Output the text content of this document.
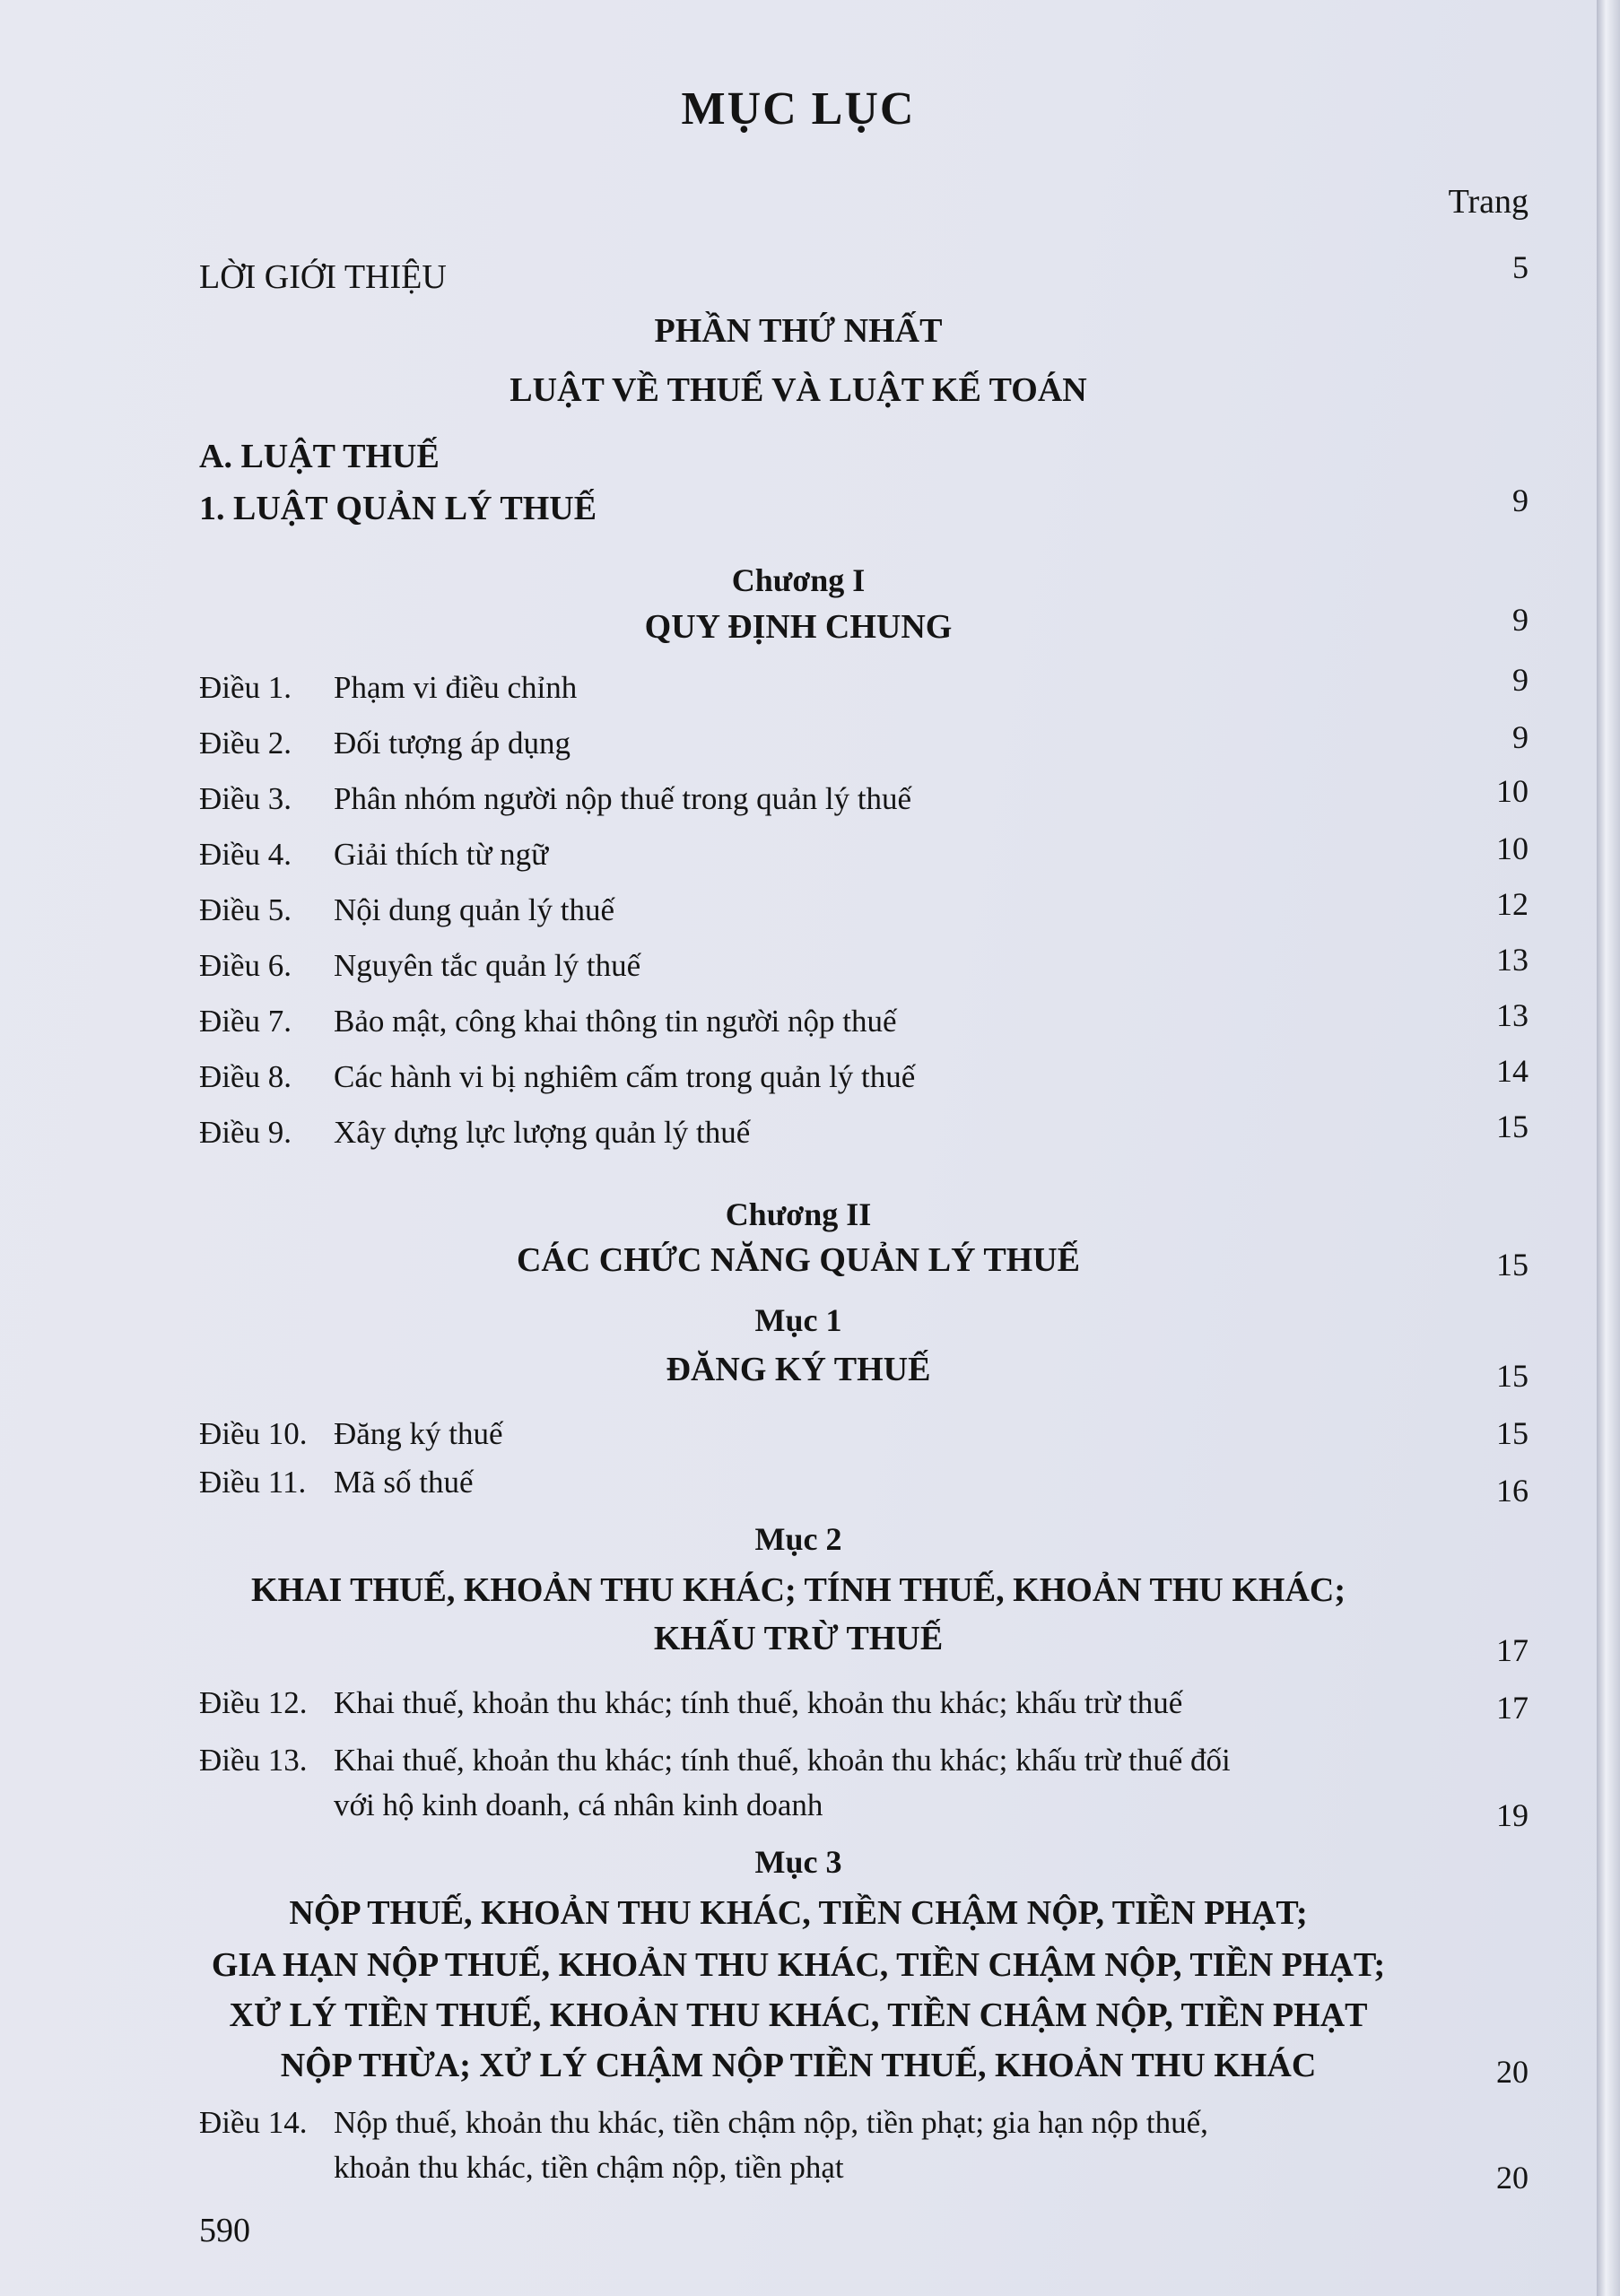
MỤC LỤC
Trang
LỜI GIỚI THIỆU	5
PHẦN THỨ NHẤT
LUẬT VỀ THUẾ VÀ LUẬT KẾ TOÁN
A. LUẬT THUẾ
1. LUẬT QUẢN LÝ THUẾ	9
Chương I
QUY ĐỊNH CHUNG	9
Điều 1. Phạm vi điều chỉnh	9
Điều 2. Đối tượng áp dụng	9
Điều 3. Phân nhóm người nộp thuế trong quản lý thuế	10
Điều 4. Giải thích từ ngữ	10
Điều 5. Nội dung quản lý thuế	12
Điều 6. Nguyên tắc quản lý thuế	13
Điều 7. Bảo mật, công khai thông tin người nộp thuế	13
Điều 8. Các hành vi bị nghiêm cấm trong quản lý thuế	14
Điều 9. Xây dựng lực lượng quản lý thuế	15
Chương II
CÁC CHỨC NĂNG QUẢN LÝ THUẾ	15
Mục 1
ĐĂNG KÝ THUẾ	15
Điều 10. Đăng ký thuế	15
Điều 11. Mã số thuế	16
Mục 2
KHAI THUẾ, KHOẢN THU KHÁC; TÍNH THUẾ, KHOẢN THU KHÁC;
KHẤU TRỪ THUẾ	17
Điều 12. Khai thuế, khoản thu khác; tính thuế, khoản thu khác; khấu trừ thuế	17
Điều 13. Khai thuế, khoản thu khác; tính thuế, khoản thu khác; khấu trừ thuế đối
với hộ kinh doanh, cá nhân kinh doanh	19
Mục 3
NỘP THUẾ, KHOẢN THU KHÁC, TIỀN CHẬM NỘP, TIỀN PHẠT;
GIA HẠN NỘP THUẾ, KHOẢN THU KHÁC, TIỀN CHẬM NỘP, TIỀN PHẠT;
XỬ LÝ TIỀN THUẾ, KHOẢN THU KHÁC, TIỀN CHẬM NỘP, TIỀN PHẠT
NỘP THỪA; XỬ LÝ CHẬM NỘP TIỀN THUẾ, KHOẢN THU KHÁC	20
Điều 14. Nộp thuế, khoản thu khác, tiền chậm nộp, tiền phạt; gia hạn nộp thuế,
khoản thu khác, tiền chậm nộp, tiền phạt	20
590
